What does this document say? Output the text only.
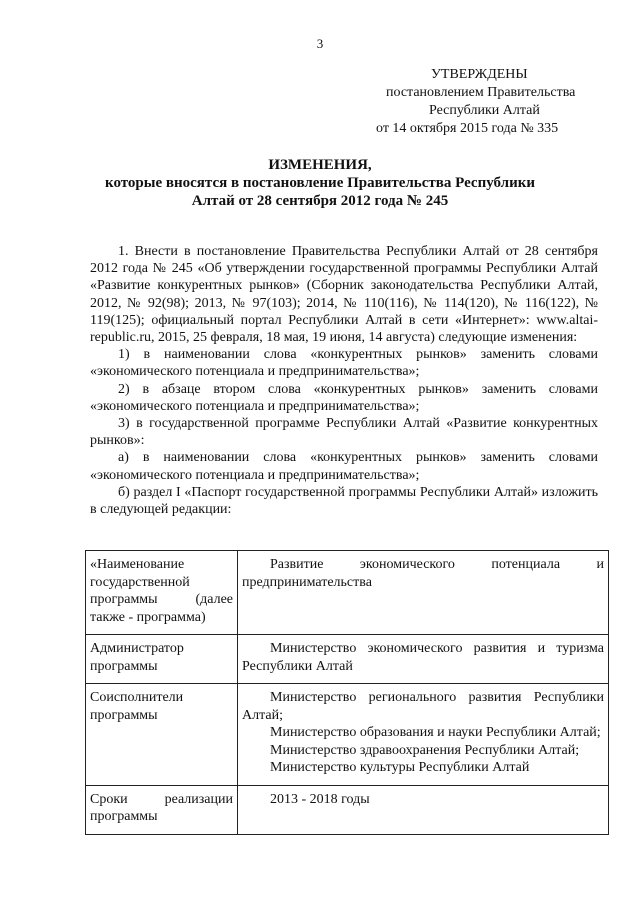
3
УТВЕРЖДЕНЫ
постановлением Правительства
Республики Алтай
от 14 октября 2015 года № 335
ИЗМЕНЕНИЯ,
которые вносятся в постановление Правительства Республики
Алтай от 28 сентября 2012 года № 245

1. Внести в постановление Правительства Республики Алтай от 28 сентября 2012 года № 245 «Об утверждении государственной программы Республики Алтай «Развитие конкурентных рынков» (Сборник законодательства Республики Алтай, 2012, № 92(98); 2013, № 97(103); 2014, № 110(116), № 114(120), № 116(122), № 119(125); официальный портал Республики Алтай в сети «Интернет»: www.altai-republic.ru, 2015, 25 февраля, 18 мая, 19 июня, 14 августа) следующие изменения:

1) в наименовании слова «конкурентных рынков» заменить словами «экономического потенциала и предпринимательства»;

2) в абзаце втором слова «конкурентных рынков» заменить словами «экономического потенциала и предпринимательства»;

3) в государственной программе Республики Алтай «Развитие конкурентных рынков»:

а) в наименовании слова «конкурентных рынков» заменить словами «экономического потенциала и предпринимательства»;

б) раздел I «Паспорт государственной программы Республики Алтай» изложить в следующей редакции:

«Наименование государственной программы (далее также - программа)	Развитие экономического потенциала и предпринимательства

Администратор программы	Министерство экономического развития и туризма Республики Алтай

Соисполнители программы	Министерство регионального развития Республики Алтай;

Министерство образования и науки Республики Алтай;

Министерство здравоохранения Республики Алтай;

Министерство культуры Республики Алтай

Сроки реализации программы	2013 - 2018 годы
